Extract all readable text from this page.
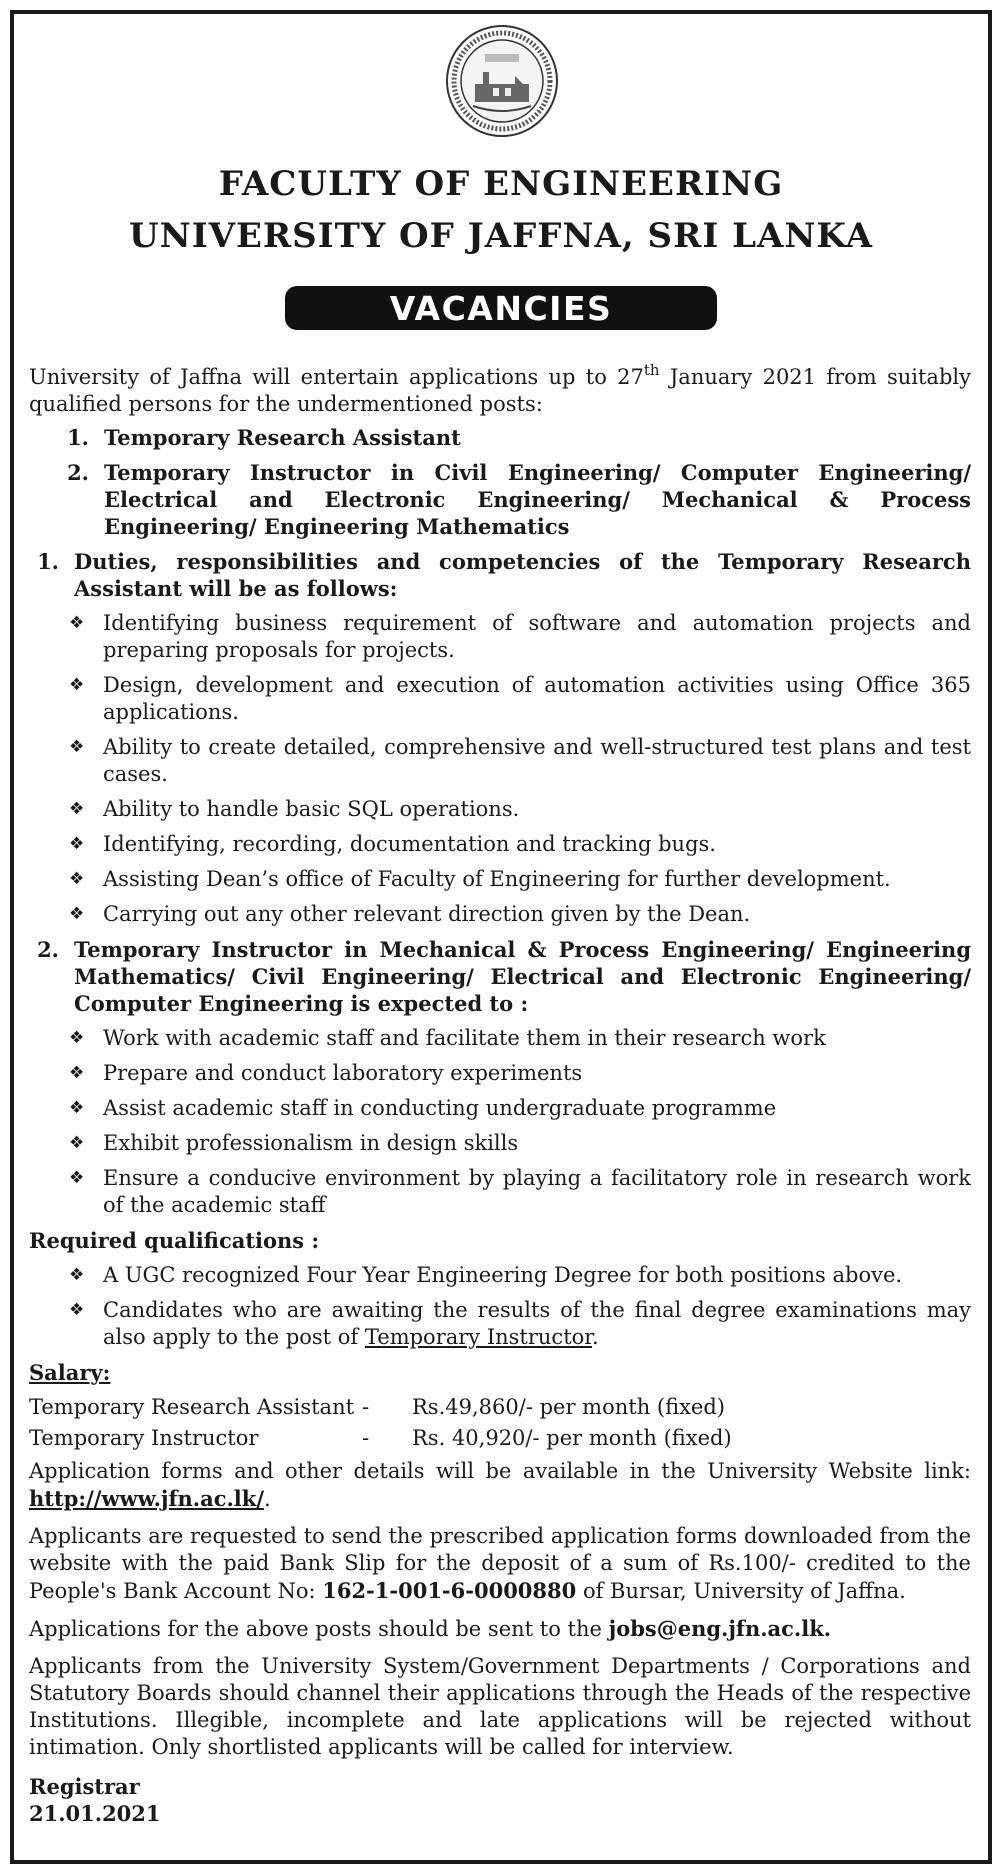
FACULTY OF ENGINEERING
UNIVERSITY OF JAFFNA, SRI LANKA
VACANCIES
University of Jaffna will entertain applications up to 27th January 2021 from suitably qualified persons for the undermentioned posts:
1. Temporary Research Assistant
2. Temporary Instructor in Civil Engineering/ Computer Engineering/ Electrical and Electronic Engineering/ Mechanical & Process Engineering/ Engineering Mathematics
1. Duties, responsibilities and competencies of the Temporary Research Assistant will be as follows:
❖ Identifying business requirement of software and automation projects and preparing proposals for projects.
❖ Design, development and execution of automation activities using Office 365 applications.
❖ Ability to create detailed, comprehensive and well-structured test plans and test cases.
❖ Ability to handle basic SQL operations.
❖ Identifying, recording, documentation and tracking bugs.
❖ Assisting Dean’s office of Faculty of Engineering for further development.
❖ Carrying out any other relevant direction given by the Dean.
2. Temporary Instructor in Mechanical & Process Engineering/ Engineering Mathematics/ Civil Engineering/ Electrical and Electronic Engineering/ Computer Engineering is expected to :
❖ Work with academic staff and facilitate them in their research work
❖ Prepare and conduct laboratory experiments
❖ Assist academic staff in conducting undergraduate programme
❖ Exhibit professionalism in design skills
❖ Ensure a conducive environment by playing a facilitatory role in research work of the academic staff
Required qualifications :
❖ A UGC recognized Four Year Engineering Degree for both positions above.
❖ Candidates who are awaiting the results of the final degree examinations may also apply to the post of Temporary Instructor.
Salary:
Temporary Research Assistant -	Rs.49,860/- per month (fixed)
Temporary Instructor	-	Rs. 40,920/- per month (fixed)
Application forms and other details will be available in the University Website link: http://www.jfn.ac.lk/.
Applicants are requested to send the prescribed application forms downloaded from the website with the paid Bank Slip for the deposit of a sum of Rs.100/- credited to the People's Bank Account No: 162-1-001-6-0000880 of Bursar, University of Jaffna.
Applications for the above posts should be sent to the jobs@eng.jfn.ac.lk.
Applicants from the University System/Government Departments / Corporations and Statutory Boards should channel their applications through the Heads of the respective Institutions. Illegible, incomplete and late applications will be rejected without intimation. Only shortlisted applicants will be called for interview.
Registrar
21.01.2021
